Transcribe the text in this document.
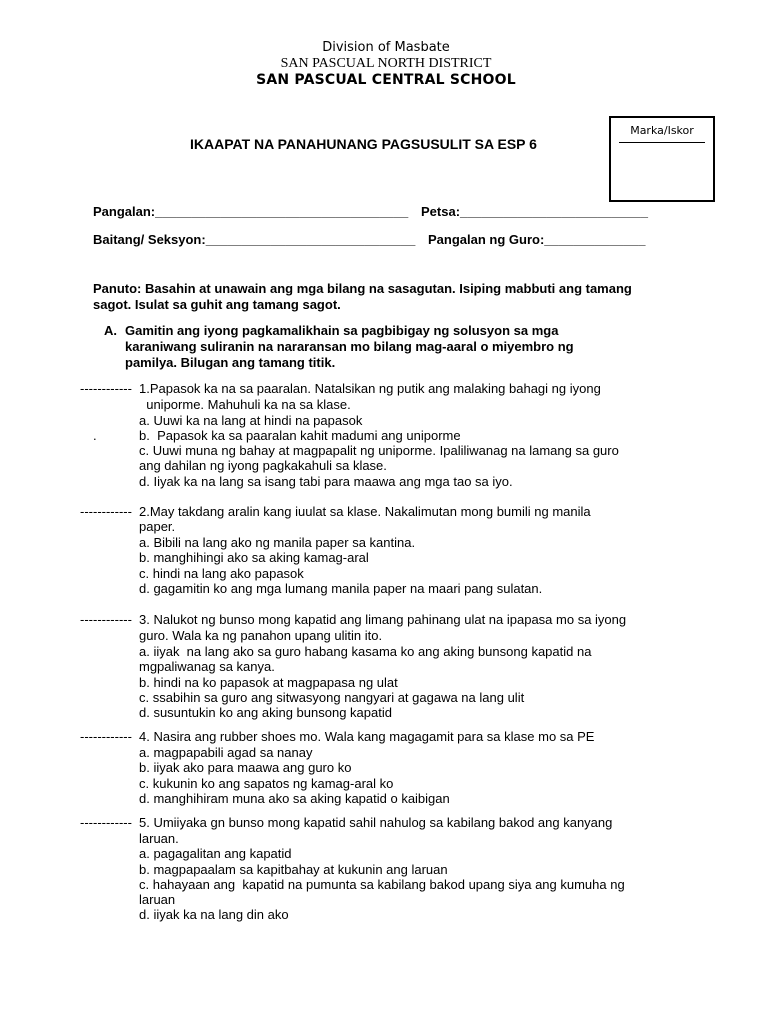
Division of Masbate
SAN PASCUAL NORTH DISTRICT
SAN PASCUAL CENTRAL SCHOOL
IKAAPAT NA PANAHUNANG PAGSUSULIT SA ESP 6
Marka/Iskor
Pangalan:___________________________________ Petsa:__________________________
Baitang/ Seksyon:_____________________________ Pangalan ng Guro:______________
Panuto: Basahin at unawain ang mga bilang na sasagutan. Isiping mabbuti ang tamang sagot. Isulat sa guhit ang tamang sagot.
A. Gamitin ang iyong pagkamalikhain sa pagbibigay ng solusyon sa mga
karaniwang suliranin na nararansan mo bilang mag-aaral o miyembro ng
pamilya. Bilugan ang tamang titik.
------------ 1.Papasok ka na sa paaralan. Natalsikan ng putik ang malaking bahagi ng iyong
uniporme. Mahuhuli ka na sa klase.
a. Uuwi ka na lang at hindi na papasok
.	b.  Papasok ka sa paaralan kahit madumi ang uniporme
c. Uuwi muna ng bahay at magpapalit ng uniporme. Ipaliliwanag na lamang sa guro
ang dahilan ng iyong pagkakahuli sa klase.
d. Iiyak ka na lang sa isang tabi para maawa ang mga tao sa iyo.
------------ 2.May takdang aralin kang iuulat sa klase. Nakalimutan mong bumili ng manila
paper.
a. Bibili na lang ako ng manila paper sa kantina.
b. manghihingi ako sa aking kamag-aral
c. hindi na lang ako papasok
d. gagamitin ko ang mga lumang manila paper na maari pang sulatan.
------------ 3. Nalukot ng bunso mong kapatid ang limang pahinang ulat na ipapasa mo sa iyong
guro. Wala ka ng panahon upang ulitin ito.
a. iiyak  na lang ako sa guro habang kasama ko ang aking bunsong kapatid na
mgpaliwanag sa kanya.
b. hindi na ko papasok at magpapasa ng ulat
c. ssabihin sa guro ang sitwasyong nangyari at gagawa na lang ulit
d. susuntukin ko ang aking bunsong kapatid
------------ 4. Nasira ang rubber shoes mo. Wala kang magagamit para sa klase mo sa PE
a. magpapabili agad sa nanay
b. iiyak ako para maawa ang guro ko
c. kukunin ko ang sapatos ng kamag-aral ko
d. manghihiram muna ako sa aking kapatid o kaibigan
------------ 5. Umiiyaka gn bunso mong kapatid sahil nahulog sa kabilang bakod ang kanyang
laruan.
a. pagagalitan ang kapatid
b. magpapaalam sa kapitbahay at kukunin ang laruan
c. hahayaan ang  kapatid na pumunta sa kabilang bakod upang siya ang kumuha ng
laruan
d. iiyak ka na lang din ako
